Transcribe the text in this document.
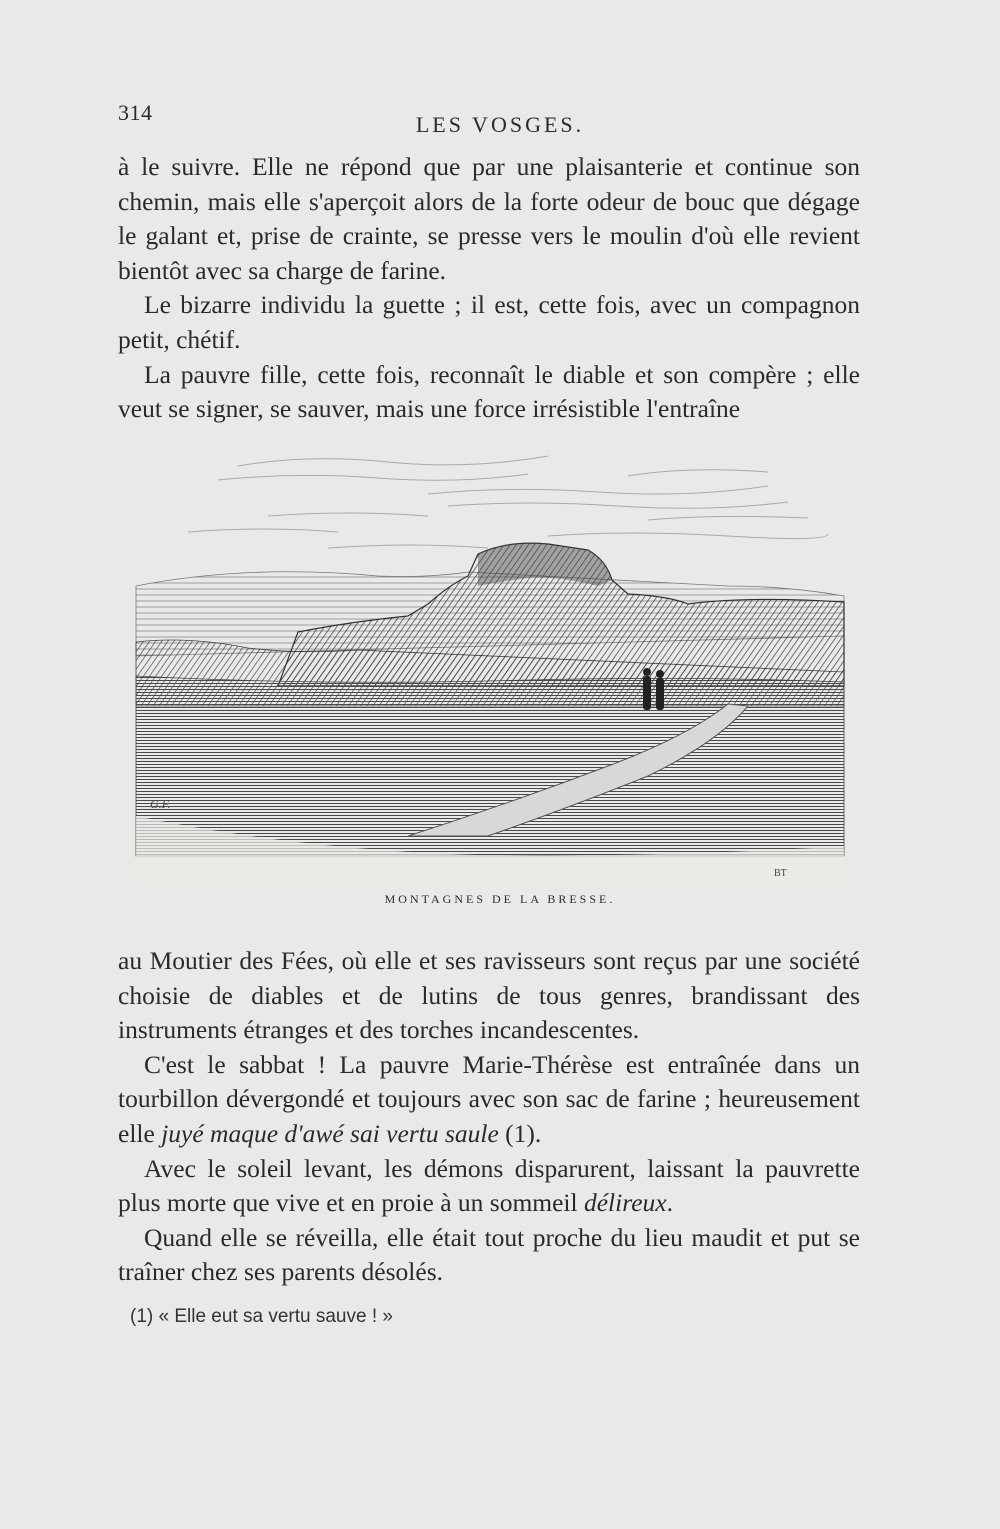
314	LES VOSGES.

à le suivre. Elle ne répond que par une plaisanterie et continue son chemin, mais elle s'aperçoit alors de la forte odeur de bouc que dégage le galant et, prise de crainte, se presse vers le moulin d'où elle revient bientôt avec sa charge de farine.

Le bizarre individu la guette ; il est, cette fois, avec un compagnon petit, chétif.

La pauvre fille, cette fois, reconnaît le diable et son compère ; elle veut se signer, se sauver, mais une force irrésistible l'entraîne

G.F.
BT
MONTAGNES DE LA BRESSE.

au Moutier des Fées, où elle et ses ravisseurs sont reçus par une société choisie de diables et de lutins de tous genres, brandissant des instruments étranges et des torches incandescentes.

C'est le sabbat ! La pauvre Marie-Thérèse est entraînée dans un tourbillon dévergondé et toujours avec son sac de farine ; heureusement elle juyé maque d'awé sai vertu saule (1).

Avec le soleil levant, les démons disparurent, laissant la pauvrette plus morte que vive et en proie à un sommeil délireux.

Quand elle se réveilla, elle était tout proche du lieu maudit et put se traîner chez ses parents désolés.

(1) « Elle eut sa vertu sauve ! »
